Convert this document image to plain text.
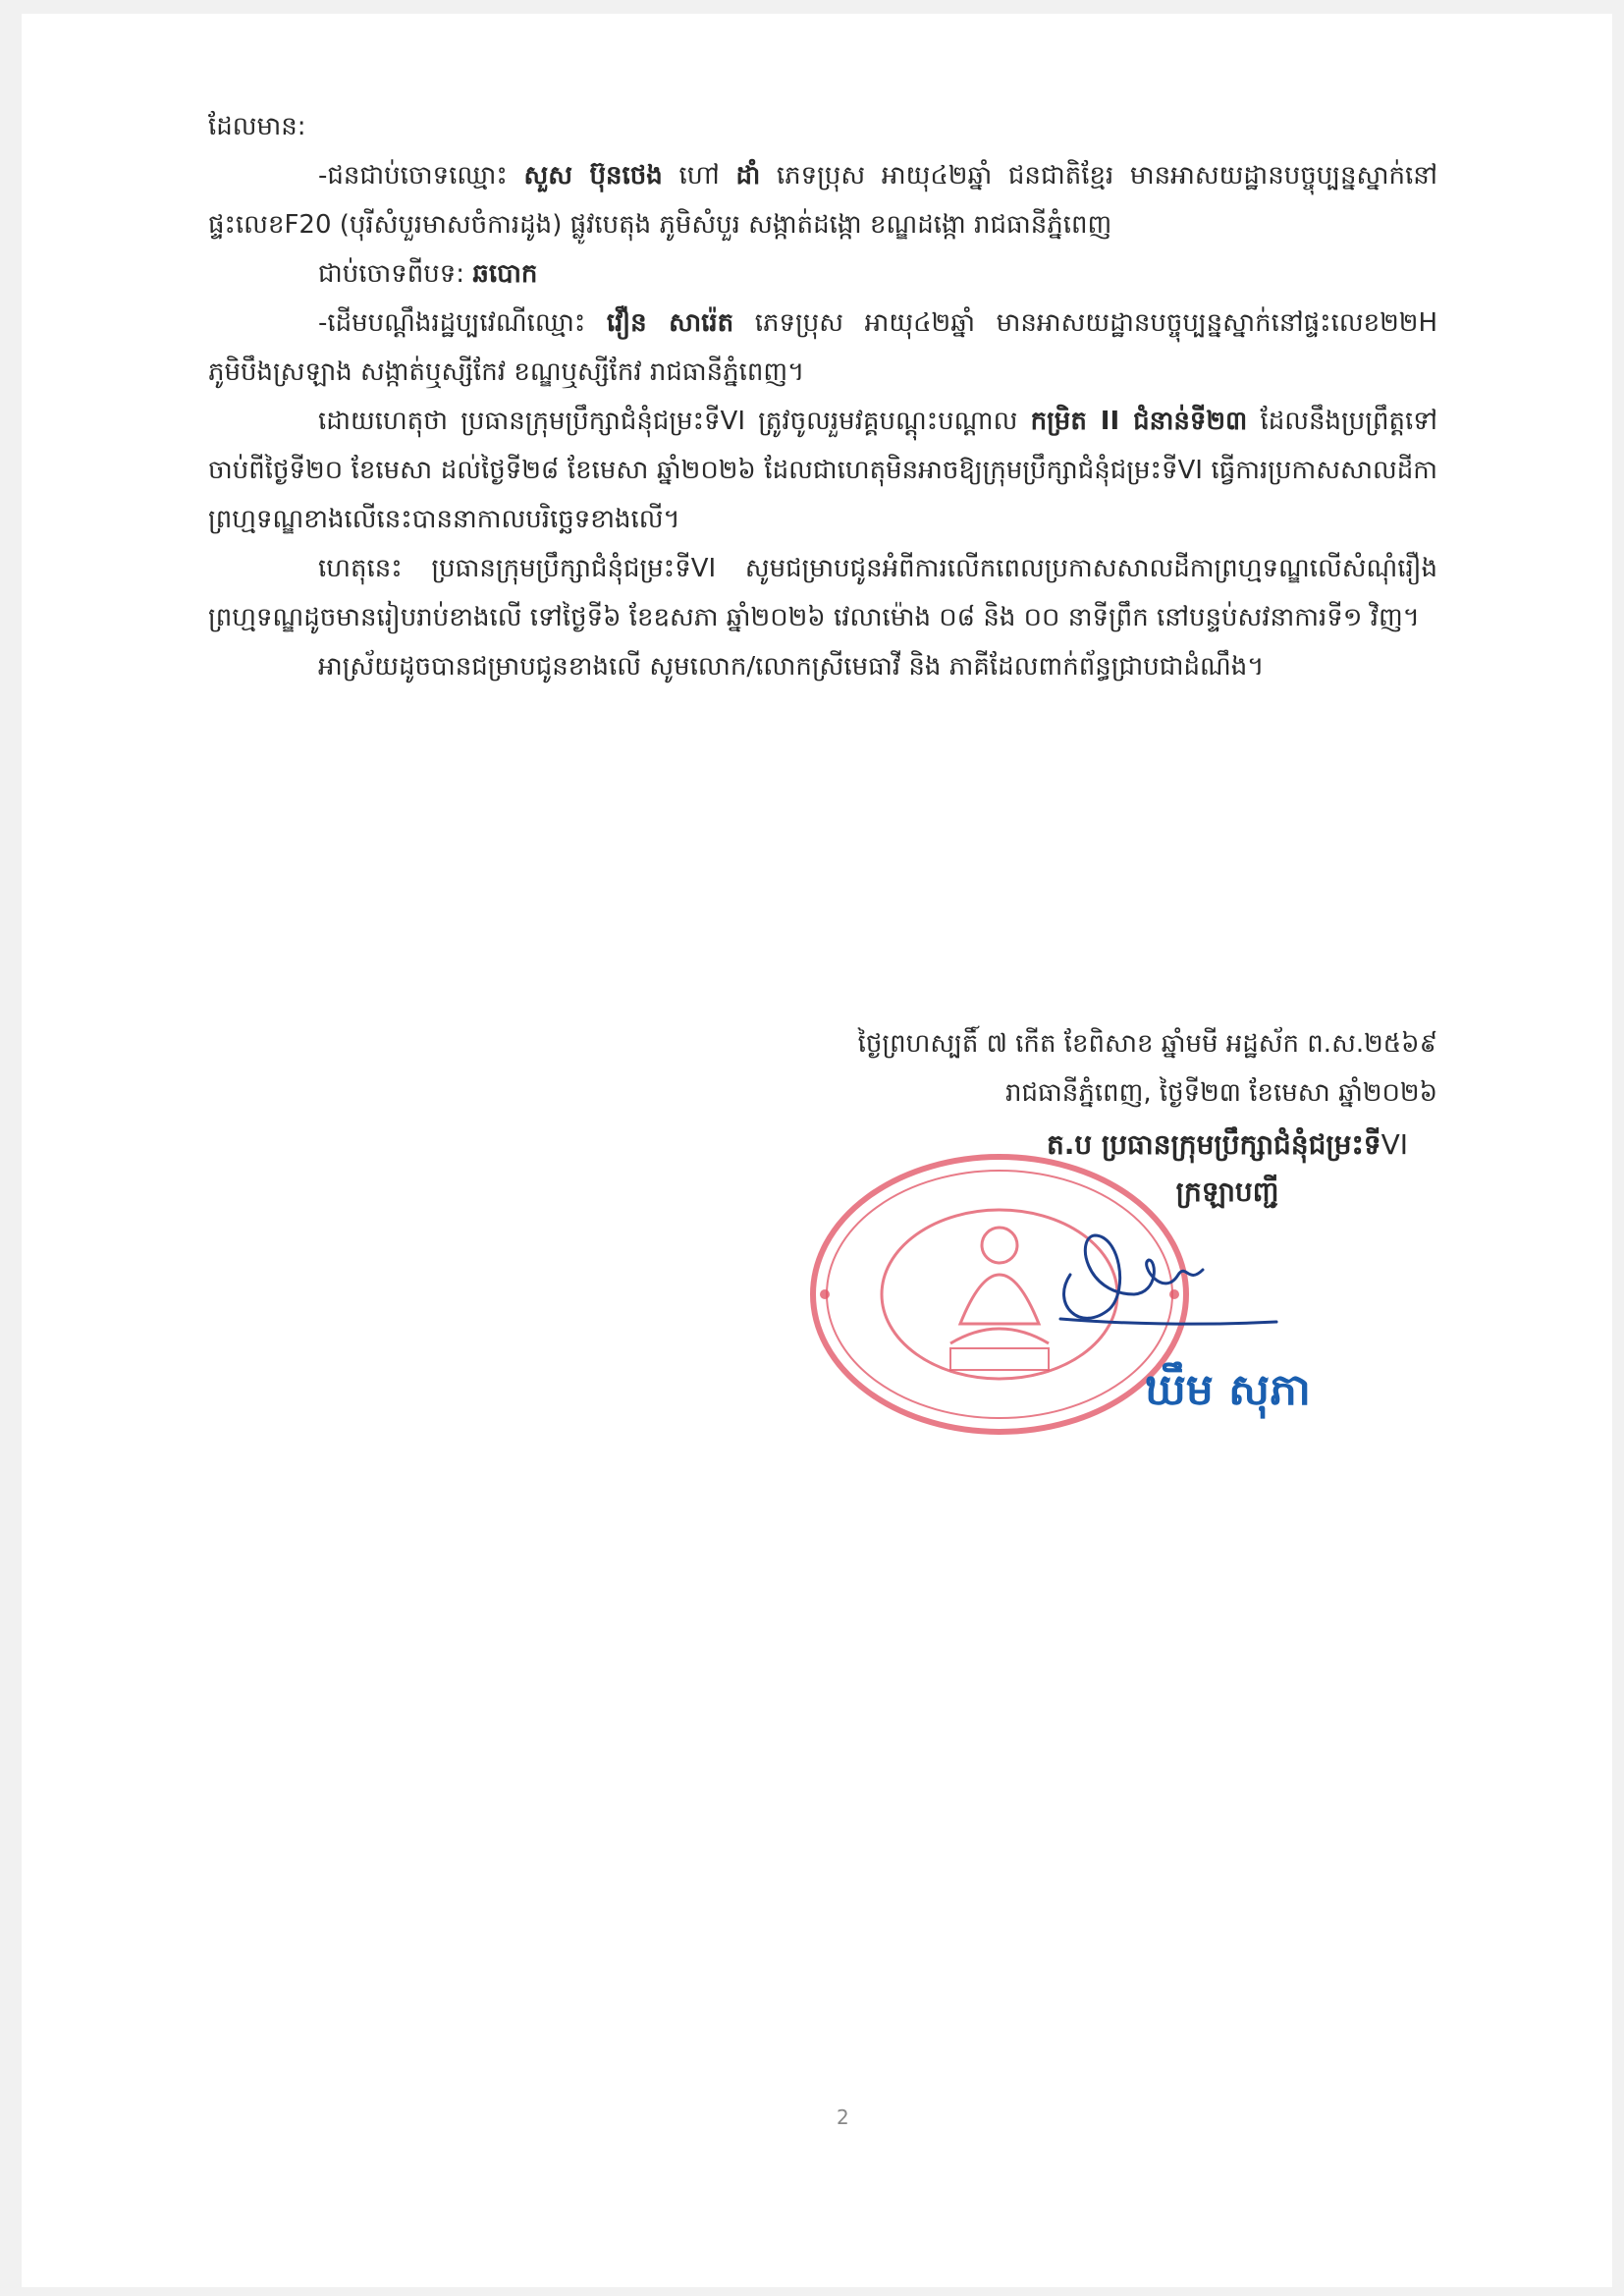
ដែលមាន:

-ជនជាប់ចោទឈ្មោះ សួស ប៊ុនថេង ហៅ ដាំ ភេទប្រុស អាយុ៤២ឆ្នាំ ជនជាតិខ្មែរ មានអាសយដ្ឋានបច្ចុប្បន្នស្នាក់នៅផ្ទះលេខF20 (បុរីសំបួរមាសចំការដូង) ផ្លូវបេតុង ភូមិសំបួរ សង្កាត់ដង្កោ ខណ្ឌដង្កោ រាជធានីភ្នំពេញ

ជាប់ចោទពីបទ: ឆបោក

-ដើមបណ្តឹងរដ្ឋប្បវេណីឈ្មោះ វឿន សារ៉េត ភេទប្រុស អាយុ៤២ឆ្នាំ មានអាសយដ្ឋានបច្ចុប្បន្នស្នាក់នៅផ្ទះលេខ២២H ភូមិបឹងស្រឡាង សង្កាត់ឬស្សីកែវ ខណ្ឌឬស្សីកែវ រាជធានីភ្នំពេញ។

ដោយហេតុថា ប្រធានក្រុមប្រឹក្សាជំនុំជម្រះទីVI ត្រូវចូលរួមវគ្គបណ្តុះបណ្តាល កម្រិត II ជំនាន់ទី២៣ ដែលនឹងប្រព្រឹត្តទៅចាប់ពីថ្ងៃទី២០ ខែមេសា ដល់ថ្ងៃទី២៨ ខែមេសា ឆ្នាំ២០២៦ ដែលជាហេតុមិនអាចឱ្យក្រុមប្រឹក្សាជំនុំជម្រះទីVI ធ្វើការប្រកាសសាលដីកាព្រហ្មទណ្ឌខាងលើនេះបាននាកាលបរិច្ឆេទខាងលើ។

ហេតុនេះ ប្រធានក្រុមប្រឹក្សាជំនុំជម្រះទីVI សូមជម្រាបជូនអំពីការលើកពេលប្រកាសសាលដីកាព្រហ្មទណ្ឌលើសំណុំរឿងព្រហ្មទណ្ឌដូចមានរៀបរាប់ខាងលើ ទៅថ្ងៃទី៦ ខែឧសភា ឆ្នាំ២០២៦ វេលាម៉ោង ០៨ និង ០០ នាទីព្រឹក នៅបន្ទប់សវនាការទី១ វិញ។

អាស្រ័យដូចបានជម្រាបជូនខាងលើ សូមលោក/លោកស្រីមេធាវី និង ភាគីដែលពាក់ព័ន្ធជ្រាបជាដំណឹង។

ថ្ងៃព្រហស្បតិ៍ ៧ កើត ខែពិសាខ ឆ្នាំមមី អដ្ឋស័ក ព.ស.២៥៦៩
រាជធានីភ្នំពេញ, ថ្ងៃទី២៣ ខែមេសា ឆ្នាំ២០២៦
ត.ប ប្រធានក្រុមប្រឹក្សាជំនុំជម្រះទីVI
ក្រឡាបញ្ជី
ឃឹម សុភា
2
